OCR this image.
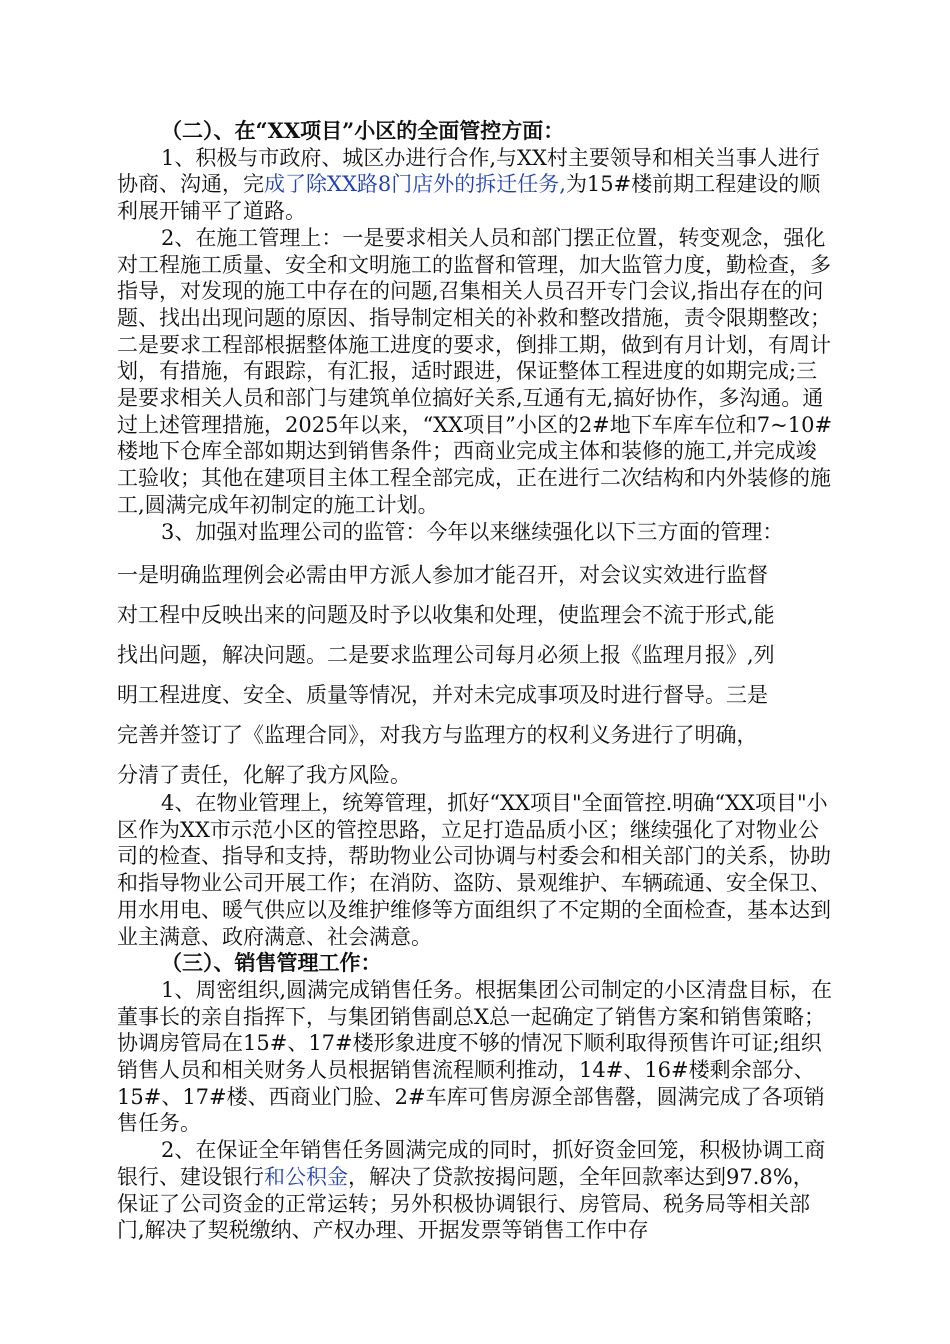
（二）、在“XX项目”小区的全面管控方面：

1、积极与市政府、城区办进行合作,与XX村主要领导和相关当事人进行协商、沟通，完成了除XX路8门店外的拆迁任务,为15#楼前期工程建设的顺利展开铺平了道路。

2、在施工管理上：一是要求相关人员和部门摆正位置，转变观念，强化对工程施工质量、安全和文明施工的监督和管理，加大监管力度，勤检查，多指导，对发现的施工中存在的问题,召集相关人员召开专门会议,指出存在的问题、找出出现问题的原因、指导制定相关的补救和整改措施，责令限期整改；二是要求工程部根据整体施工进度的要求，倒排工期，做到有月计划，有周计划，有措施，有跟踪，有汇报，适时跟进，保证整体工程进度的如期完成;三是要求相关人员和部门与建筑单位搞好关系,互通有无,搞好协作，多沟通。通过上述管理措施，2025年以来，“XX项目”小区的2#地下车库车位和7~10#楼地下仓库全部如期达到销售条件；西商业完成主体和装修的施工,并完成竣工验收；其他在建项目主体工程全部完成，正在进行二次结构和内外装修的施工,圆满完成年初制定的施工计划。

3、加强对监理公司的监管：今年以来继续强化以下三方面的管理：

一是明确监理例会必需由甲方派人参加才能召开，对会议实效进行监督

对工程中反映出来的问题及时予以收集和处理，使监理会不流于形式,能

找出问题，解决问题。二是要求监理公司每月必须上报《监理月报》,列

明工程进度、安全、质量等情况，并对未完成事项及时进行督导。三是

完善并签订了《监理合同》，对我方与监理方的权利义务进行了明确，

分清了责任，化解了我方风险。

4、在物业管理上，统筹管理，抓好“XX项目"全面管控.明确“XX项目"小区作为XX市示范小区的管控思路，立足打造品质小区；继续强化了对物业公司的检查、指导和支持，帮助物业公司协调与村委会和相关部门的关系，协助和指导物业公司开展工作；在消防、盗防、景观维护、车辆疏通、安全保卫、用水用电、暖气供应以及维护维修等方面组织了不定期的全面检查，基本达到业主满意、政府满意、社会满意。

（三）、销售管理工作：

1、周密组织,圆满完成销售任务。根据集团公司制定的小区清盘目标，在董事长的亲自指挥下，与集团销售副总X总一起确定了销售方案和销售策略；协调房管局在15#、17#楼形象进度不够的情况下顺利取得预售许可证;组织销售人员和相关财务人员根据销售流程顺利推动，14#、16#楼剩余部分、15#、17#楼、西商业门脸、2#车库可售房源全部售罄，圆满完成了各项销售任务。

2、在保证全年销售任务圆满完成的同时，抓好资金回笼，积极协调工商银行、建设银行和公积金，解决了贷款按揭问题，全年回款率达到97.8%，保证了公司资金的正常运转；另外积极协调银行、房管局、税务局等相关部门,解决了契税缴纳、产权办理、开据发票等销售工作中存
